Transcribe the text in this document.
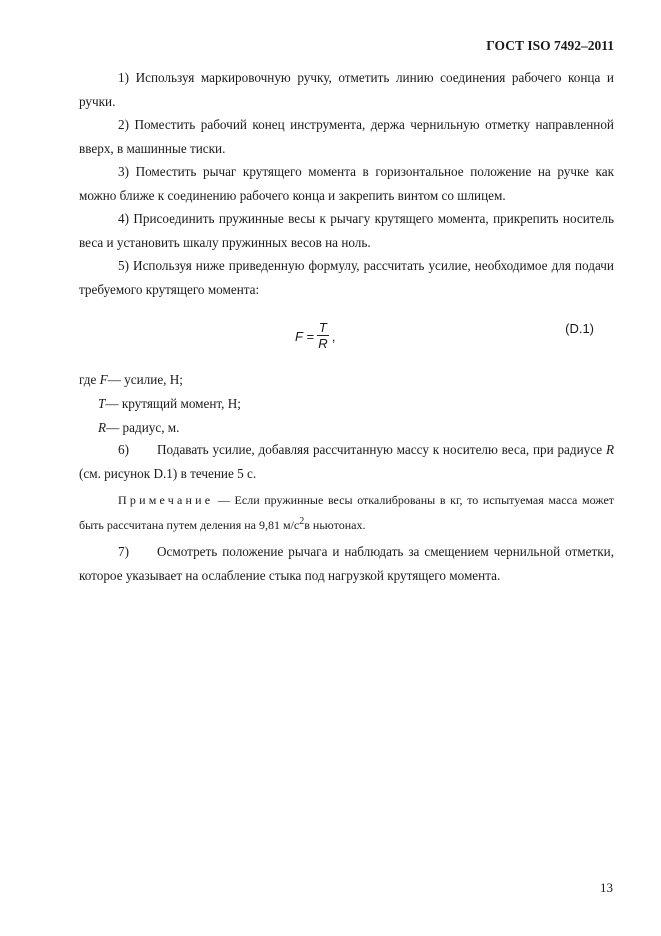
ГОСТ ISO 7492–2011

1) Используя маркировочную ручку, отметить линию соединения рабочего конца и ручки.

2) Поместить рабочий конец инструмента, держа чернильную отметку направленной вверх, в машинные тиски.

3) Поместить рычаг крутящего момента в горизонтальное положение на ручке как можно ближе к соединению рабочего конца и закрепить винтом со шлицем.

4) Присоединить пружинные весы к рычагу крутящего момента, прикрепить носитель веса и установить шкалу пружинных весов на ноль.

5) Используя ниже приведенную формулу, рассчитать усилие, необходимое для подачи требуемого крутящего момента:

$F = \frac{T}{R}$ ,	(D.1)
где F— усилие, Н;
T— крутящий момент, Н;
R— радиус, м.
6) Подавать усилие, добавляя рассчитанную массу к носителю веса, при радиусе R (см. рисунок D.1) в течение 5 с.
Примечание — Если пружинные весы откалиброваны в кг, то испытуемая масса может быть рассчитана путем деления на 9,81 $м/с^2в$ ньютонах.
7) Осмотреть положение рычага и наблюдать за смещением чернильной отметки, которое указывает на ослабление стыка под нагрузкой крутящего момента.
13
